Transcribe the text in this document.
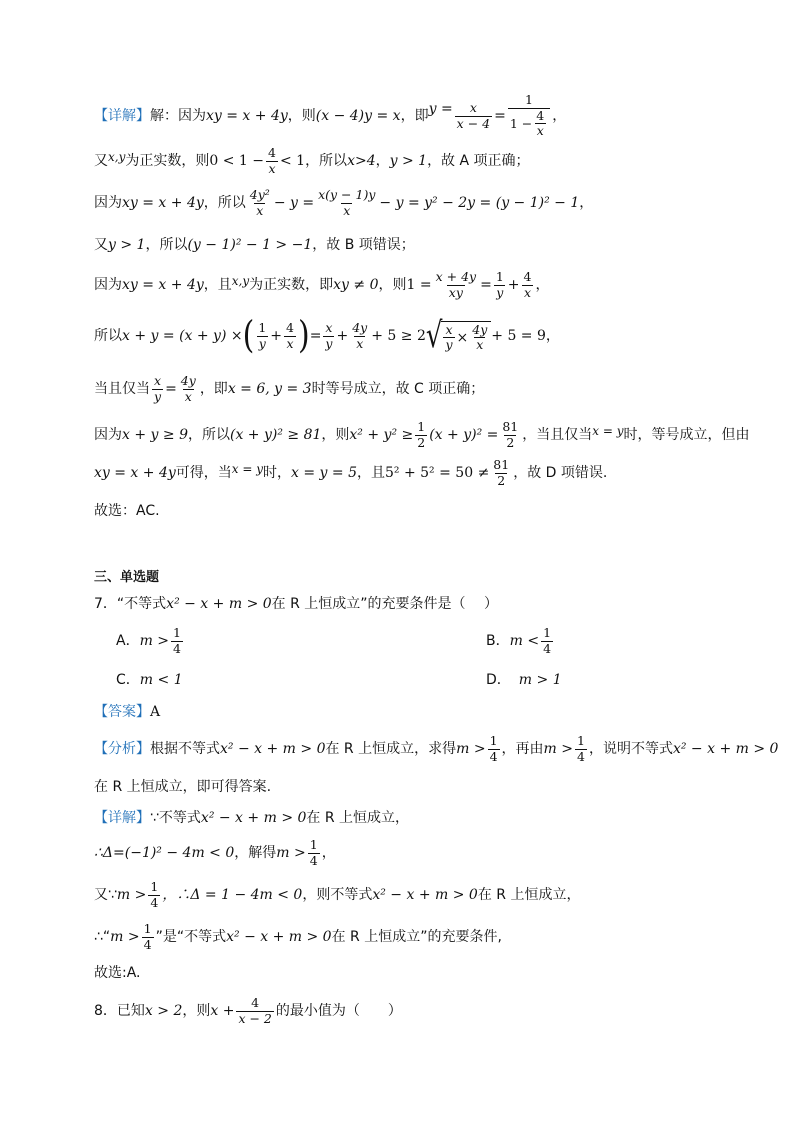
【详解】 解：因为 xy = x + 4y ，则 (x − 4)y = x ，即 $y = \frac{x}{x - 4} = \frac{1}{1 - \frac{4}{x}}$ ，
又 x,y 为正实数，则 $0 < 1 - \frac{4}{x} < 1$ ，所以 x>4 ， y > 1 ，故 A 项正确；
因为 xy = x + 4y ，所以 $\frac{\text{4y²}}{x} - y = \frac{x(y - 1)y}{x} - y = y^2 - 2y = (y - 1)^2 - 1$ ，
又 y > 1 ，所以 (y − 1)² − 1 > −1 ，故 B 项错误；
因为 xy = x + 4y ，且 x,y 为正实数，即 xy ≠ 0 ，则 $1 = \frac{x + 4y}{xy} = \frac{1}{y} + \frac{4}{x}$ ，
所以 x + y = (x + y) × ( $\frac{1}{y} + \frac{4}{x}$ ) = $\frac{x}{y} + \frac{4y}{x} + 5 \ge 2$ √ $\frac{x}{y} \times \frac{4y}{x} + 5 = 9$ ，
当且仅当 $\frac{x}{y} = \frac{4y}{x}$ ，即 x = 6, y = 3 时等号成立，故 C 项正确；
因为 x + y ≥ 9 ，所以 (x + y)² ≥ 81 ，则 $x^2 + y^2 \ge \frac{1}{2} (x + y)^2 = \frac{81}{2}$ ，当且仅当 x = y 时，等号成立，但由
xy = x + 4y 可得，当 x = y 时， x = y = 5 ，且 $5^2 + 5^2 = 50 \ne \frac{81}{2}$ ，故 D 项错误.
故选：AC.
三、单选题
7．“不等式 x² − x + m > 0 在 R 上恒成立”的充要条件是（　 ）
A． $m > \frac{1}{4}$	B． $m < \frac{1}{4}$
C． m < 1	D． m > 1
【答案】 A
【分析】 根据不等式 x² − x + m > 0 在 R 上恒成立，求得 $m > \frac{1}{4}$ ，再由 $m > \frac{1}{4}$ ，说明不等式 x² − x + m > 0
在 R 上恒成立，即可得答案.
【详解】 ∵不等式 x² − x + m > 0 在 R 上恒成立，
∴Δ=(−1)² − 4m < 0 ，解得 $m > \frac{1}{4}$ ，
又∵ $m > \frac{1}{4}$ ，∴Δ = 1 − 4m < 0 ，则不等式 x² − x + m > 0 在 R 上恒成立，
∴“ $m > \frac{1}{4}$ ”是“不等式 x² − x + m > 0 在 R 上恒成立”的充要条件,
故选:A.
8．已知 x > 2 ，则 $x + \frac{4}{x - 2}$ 的最小值为（　　）
